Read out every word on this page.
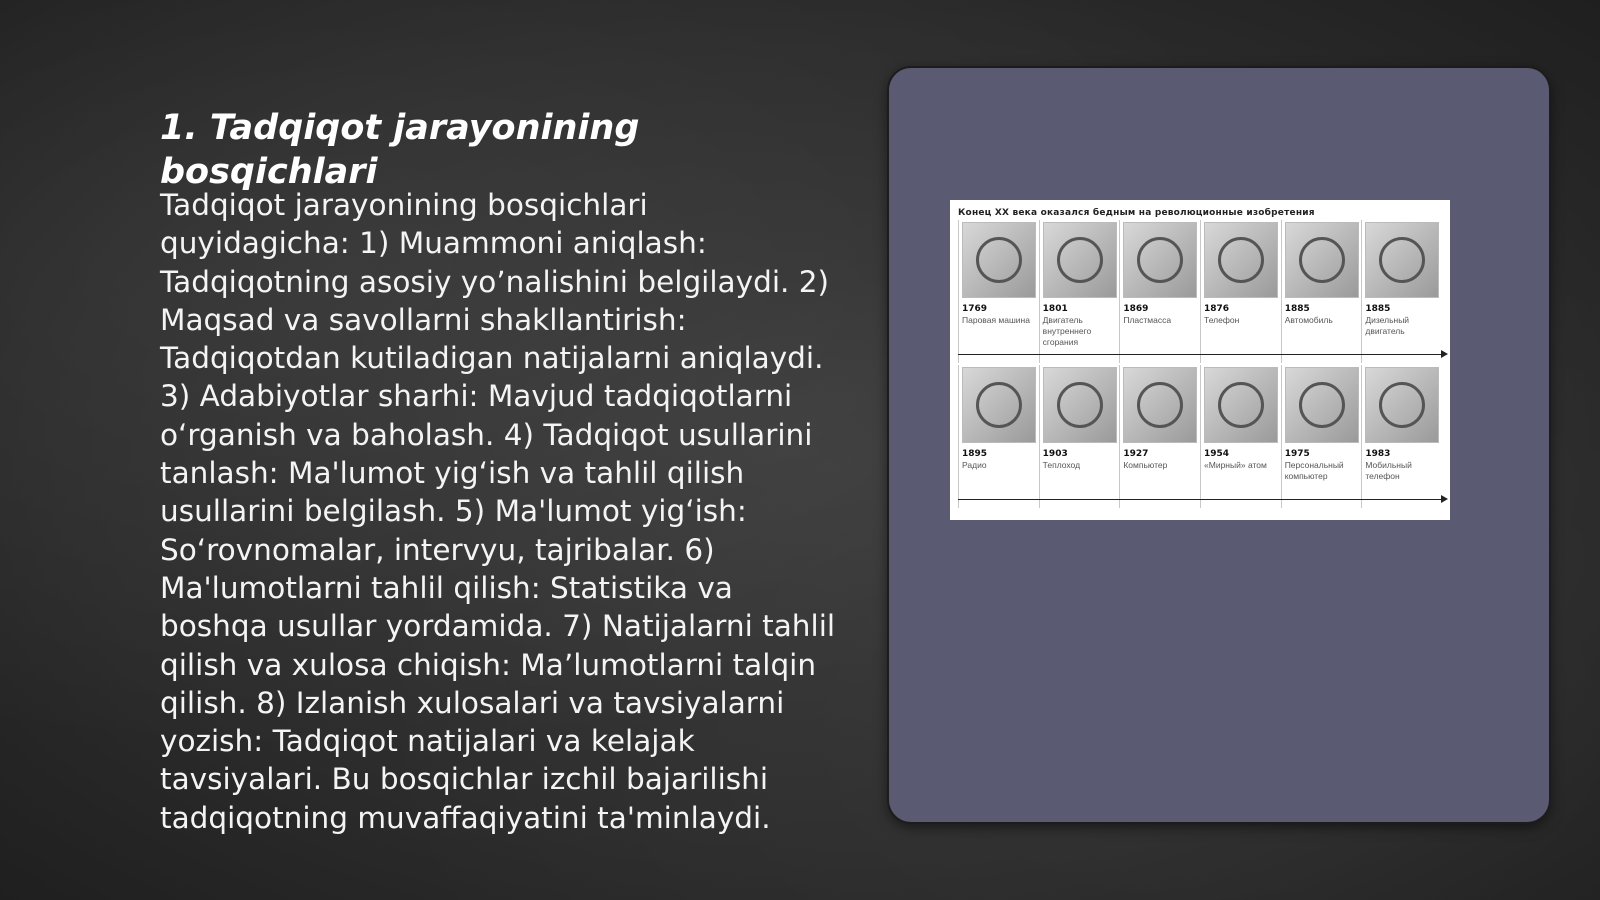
1. Tadqiqot jarayonining bosqichlari
Tadqiqot jarayonining bosqichlari quyidagicha: 1) Muammoni aniqlash: Tadqiqotning asosiy yo’nalishini belgilaydi. 2) Maqsad va savollarni shakllantirish: Tadqiqotdan kutiladigan natijalarni aniqlaydi. 3) Adabiyotlar sharhi: Mavjud tadqiqotlarni o‘rganish va baholash. 4) Tadqiqot usullarini tanlash: Ma'lumot yig‘ish va tahlil qilish usullarini belgilash. 5) Ma'lumot yig‘ish: So‘rovnomalar, intervyu, tajribalar. 6) Ma'lumotlarni tahlil qilish: Statistika va boshqa usullar yordamida. 7) Natijalarni tahlil qilish va xulosa chiqish: Ma’lumotlarni talqin qilish. 8) Izlanish xulosalari va tavsiyalarni yozish: Tadqiqot natijalari va kelajak tavsiyalari. Bu bosqichlar izchil bajarilishi tadqiqotning muvaffaqiyatini ta'minlaydi.
Конец XX века оказался бедным на революционные изобретения
1769
Паровая машина
1801
Двигатель внутреннего сгорания
1869
Пластмасса
1876
Телефон
1885
Автомобиль
1885
Дизельный двигатель
1895
Радио
1903
Теплоход
1927
Компьютер
1954
«Мирный» атом
1975
Персональный компьютер
1983
Мобильный телефон
